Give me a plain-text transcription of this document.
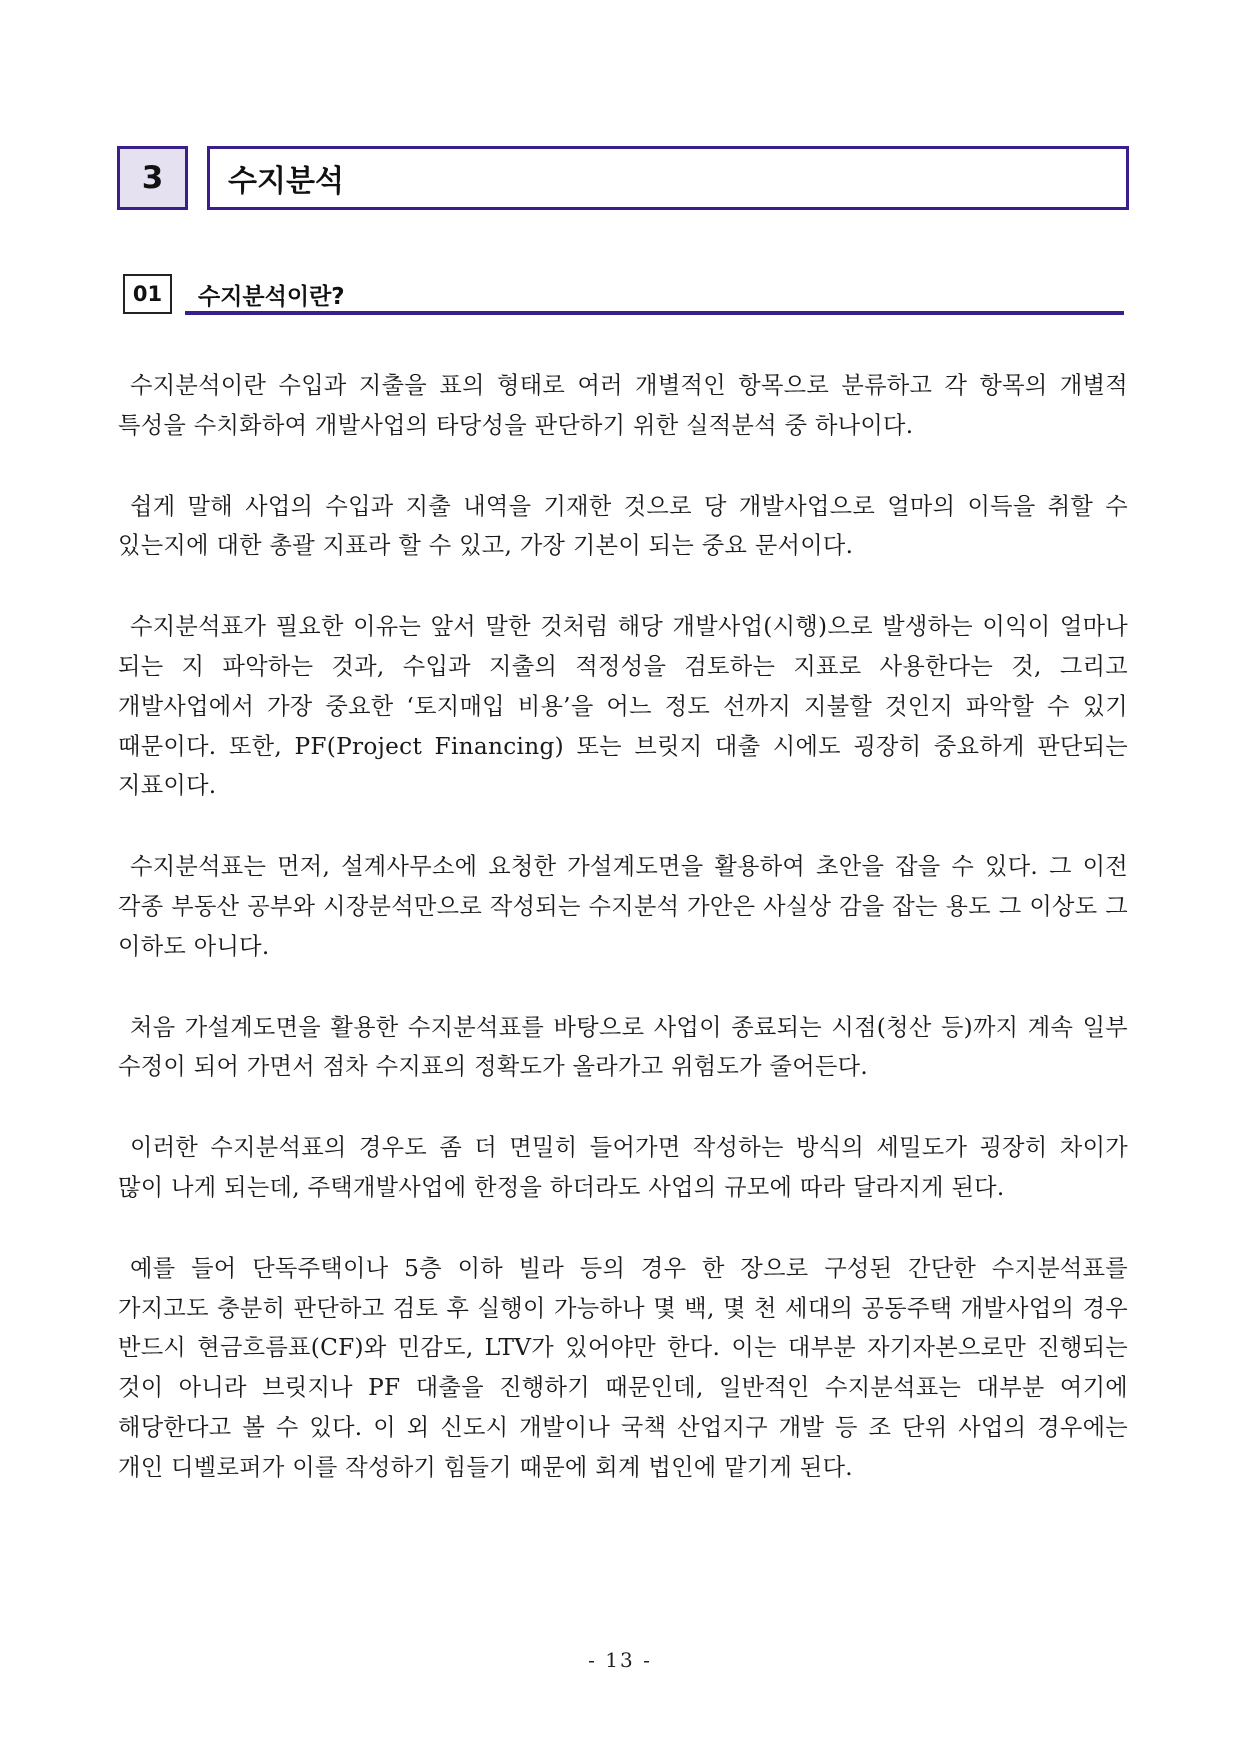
3	수지분석
01	수지분석이란?

수지분석이란 수입과 지출을 표의 형태로 여러 개별적인 항목으로 분류하고 각 항목의 개별적 특성을 수치화하여 개발사업의 타당성을 판단하기 위한 실적분석 중 하나이다.

쉽게 말해 사업의 수입과 지출 내역을 기재한 것으로 당 개발사업으로 얼마의 이득을 취할 수 있는지에 대한 총괄 지표라 할 수 있고, 가장 기본이 되는 중요 문서이다.

수지분석표가 필요한 이유는 앞서 말한 것처럼 해당 개발사업(시행)으로 발생하는 이익이 얼마나 되는 지 파악하는 것과, 수입과 지출의 적정성을 검토하는 지표로 사용한다는 것, 그리고 개발사업에서 가장 중요한 ‘토지매입 비용’을 어느 정도 선까지 지불할 것인지 파악할 수 있기 때문이다. 또한, PF(Project Financing) 또는 브릿지 대출 시에도 굉장히 중요하게 판단되는 지표이다.

수지분석표는 먼저, 설계사무소에 요청한 가설계도면을 활용하여 초안을 잡을 수 있다. 그 이전 각종 부동산 공부와 시장분석만으로 작성되는 수지분석 가안은 사실상 감을 잡는 용도 그 이상도 그 이하도 아니다.

처음 가설계도면을 활용한 수지분석표를 바탕으로 사업이 종료되는 시점(청산 등)까지 계속 일부 수정이 되어 가면서 점차 수지표의 정확도가 올라가고 위험도가 줄어든다.

이러한 수지분석표의 경우도 좀 더 면밀히 들어가면 작성하는 방식의 세밀도가 굉장히 차이가 많이 나게 되는데, 주택개발사업에 한정을 하더라도 사업의 규모에 따라 달라지게 된다.

예를 들어 단독주택이나 5층 이하 빌라 등의 경우 한 장으로 구성된 간단한 수지분석표를 가지고도 충분히 판단하고 검토 후 실행이 가능하나 몇 백, 몇 천 세대의 공동주택 개발사업의 경우 반드시 현금흐름표(CF)와 민감도, LTV가 있어야만 한다. 이는 대부분 자기자본으로만 진행되는 것이 아니라 브릿지나 PF 대출을 진행하기 때문인데, 일반적인 수지분석표는 대부분 여기에 해당한다고 볼 수 있다. 이 외 신도시 개발이나 국책 산업지구 개발 등 조 단위 사업의 경우에는 개인 디벨로퍼가 이를 작성하기 힘들기 때문에 회계 법인에 맡기게 된다.

- 13 -
